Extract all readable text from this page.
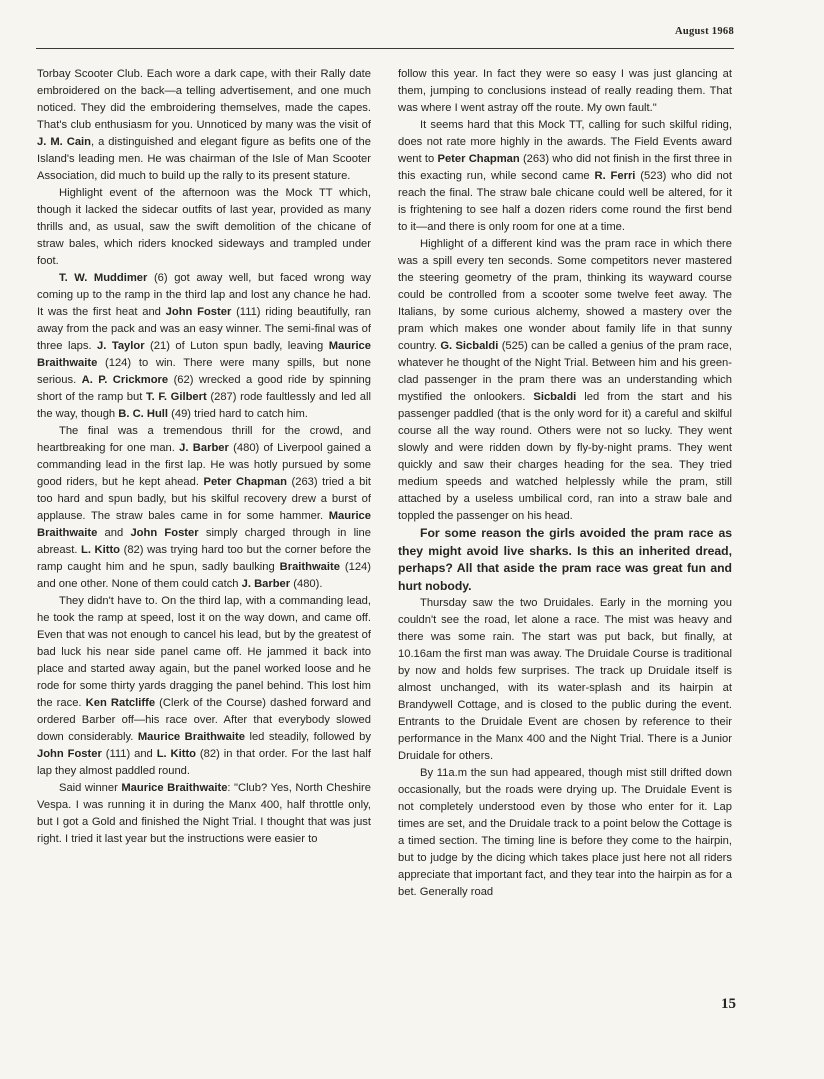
August 1968

Torbay Scooter Club. Each wore a dark cape, with their Rally date embroidered on the back—a telling advertisement, and one much noticed. They did the embroidering themselves, made the capes. That's club enthusiasm for you. Unnoticed by many was the visit of J. M. Cain, a distinguished and elegant figure as befits one of the Island's leading men. He was chairman of the Isle of Man Scooter Association, did much to build up the rally to its present stature.

Highlight event of the afternoon was the Mock TT which, though it lacked the sidecar outfits of last year, provided as many thrills and, as usual, saw the swift demolition of the chicane of straw bales, which riders knocked sideways and trampled under foot.

T. W. Muddimer (6) got away well, but faced wrong way coming up to the ramp in the third lap and lost any chance he had. It was the first heat and John Foster (111) riding beautifully, ran away from the pack and was an easy winner. The semi-final was of three laps. J. Taylor (21) of Luton spun badly, leaving Maurice Braithwaite (124) to win. There were many spills, but none serious. A. P. Crickmore (62) wrecked a good ride by spinning short of the ramp but T. F. Gilbert (287) rode faultlessly and led all the way, though B. C. Hull (49) tried hard to catch him.

The final was a tremendous thrill for the crowd, and heartbreaking for one man. J. Barber (480) of Liverpool gained a commanding lead in the first lap. He was hotly pursued by some good riders, but he kept ahead. Peter Chapman (263) tried a bit too hard and spun badly, but his skilful recovery drew a burst of applause. The straw bales came in for some hammer. Maurice Braithwaite and John Foster simply charged through in line abreast. L. Kitto (82) was trying hard too but the corner before the ramp caught him and he spun, sadly baulking Braithwaite (124) and one other. None of them could catch J. Barber (480).

They didn't have to. On the third lap, with a commanding lead, he took the ramp at speed, lost it on the way down, and came off. Even that was not enough to cancel his lead, but by the greatest of bad luck his near side panel came off. He jammed it back into place and started away again, but the panel worked loose and he rode for some thirty yards dragging the panel behind. This lost him the race. Ken Ratcliffe (Clerk of the Course) dashed forward and ordered Barber off—his race over. After that everybody slowed down considerably. Maurice Braithwaite led steadily, followed by John Foster (111) and L. Kitto (82) in that order. For the last half lap they almost paddled round.

Said winner Maurice Braithwaite: "Club? Yes, North Cheshire Vespa. I was running it in during the Manx 400, half throttle only, but I got a Gold and finished the Night Trial. I thought that was just right. I tried it last year but the instructions were easier to

follow this year. In fact they were so easy I was just glancing at them, jumping to conclusions instead of really reading them. That was where I went astray off the route. My own fault."

It seems hard that this Mock TT, calling for such skilful riding, does not rate more highly in the awards. The Field Events award went to Peter Chapman (263) who did not finish in the first three in this exacting run, while second came R. Ferri (523) who did not reach the final. The straw bale chicane could well be altered, for it is frightening to see half a dozen riders come round the first bend to it—and there is only room for one at a time.

Highlight of a different kind was the pram race in which there was a spill every ten seconds. Some competitors never mastered the steering geometry of the pram, thinking its wayward course could be controlled from a scooter some twelve feet away. The Italians, by some curious alchemy, showed a mastery over the pram which makes one wonder about family life in that sunny country. G. Sicbaldi (525) can be called a genius of the pram race, whatever he thought of the Night Trial. Between him and his green-clad passenger in the pram there was an understanding which mystified the onlookers. Sicbaldi led from the start and his passenger paddled (that is the only word for it) a careful and skilful course all the way round. Others were not so lucky. They went slowly and were ridden down by fly-by-night prams. They went quickly and saw their charges heading for the sea. They tried medium speeds and watched helplessly while the pram, still attached by a useless umbilical cord, ran into a straw bale and toppled the passenger on his head.

For some reason the girls avoided the pram race as they might avoid live sharks. Is this an inherited dread, perhaps? All that aside the pram race was great fun and hurt nobody.

Thursday saw the two Druidales. Early in the morning you couldn't see the road, let alone a race. The mist was heavy and there was some rain. The start was put back, but finally, at 10.16am the first man was away. The Druidale Course is traditional by now and holds few surprises. The track up Druidale itself is almost unchanged, with its water-splash and its hairpin at Brandywell Cottage, and is closed to the public during the event. Entrants to the Druidale Event are chosen by reference to their performance in the Manx 400 and the Night Trial. There is a Junior Druidale for others.

By 11a.m the sun had appeared, though mist still drifted down occasionally, but the roads were drying up. The Druidale Event is not completely understood even by those who enter for it. Lap times are set, and the Druidale track to a point below the Cottage is a timed section. The timing line is before they come to the hairpin, but to judge by the dicing which takes place just here not all riders appreciate that important fact, and they tear into the hairpin as for a bet. Generally road

15
